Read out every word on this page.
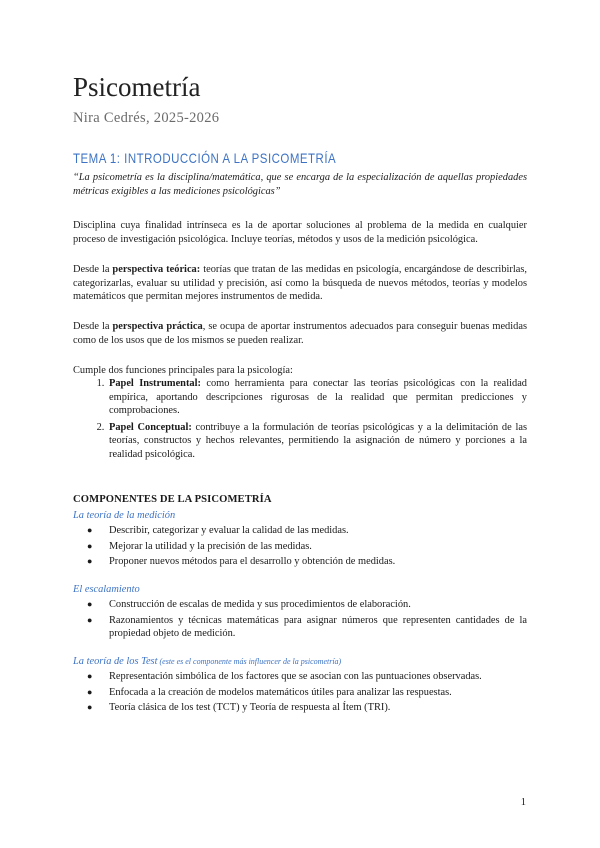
Psicometría

Nira Cedrés, 2025-2026

TEMA 1: INTRODUCCIÓN A LA PSICOMETRÍA

“La psicometría es la disciplina/matemática, que se encarga de la especialización de aquellas propiedades métricas exigibles a las mediciones psicológicas”

Disciplina cuya finalidad intrínseca es la de aportar soluciones al problema de la medida en cualquier proceso de investigación psicológica. Incluye teorías, métodos y usos de la medición psicológica.

Desde la perspectiva teórica: teorías que tratan de las medidas en psicología, encargándose de describirlas, categorizarlas, evaluar su utilidad y precisión, así como la búsqueda de nuevos métodos, teorías y modelos matemáticos que permitan mejores instrumentos de medida.

Desde la perspectiva práctica, se ocupa de aportar instrumentos adecuados para conseguir buenas medidas como de los usos que de los mismos se pueden realizar.

Cumple dos funciones principales para la psicología:

1. Papel Instrumental: como herramienta para conectar las teorías psicológicas con la realidad empírica, aportando descripciones rigurosas de la realidad que permitan predicciones y comprobaciones.
2. Papel Conceptual: contribuye a la formulación de teorías psicológicas y a la delimitación de las teorías, constructos y hechos relevantes, permitiendo la asignación de número y porciones a la realidad psicológica.
COMPONENTES DE LA PSICOMETRÍA

La teoría de la medición

● Describir, categorizar y evaluar la calidad de las medidas.
● Mejorar la utilidad y la precisión de las medidas.
● Proponer nuevos métodos para el desarrollo y obtención de medidas.

El escalamiento

● Construcción de escalas de medida y sus procedimientos de elaboración.
● Razonamientos y técnicas matemáticas para asignar números que representen cantidades de la propiedad objeto de medición.

La teoría de los Test (este es el componente más influencer de la psicometría)

● Representación simbólica de los factores que se asocian con las puntuaciones observadas.
● Enfocada a la creación de modelos matemáticos útiles para analizar las respuestas.
● Teoría clásica de los test (TCT) y Teoría de respuesta al Ítem (TRI).

1
